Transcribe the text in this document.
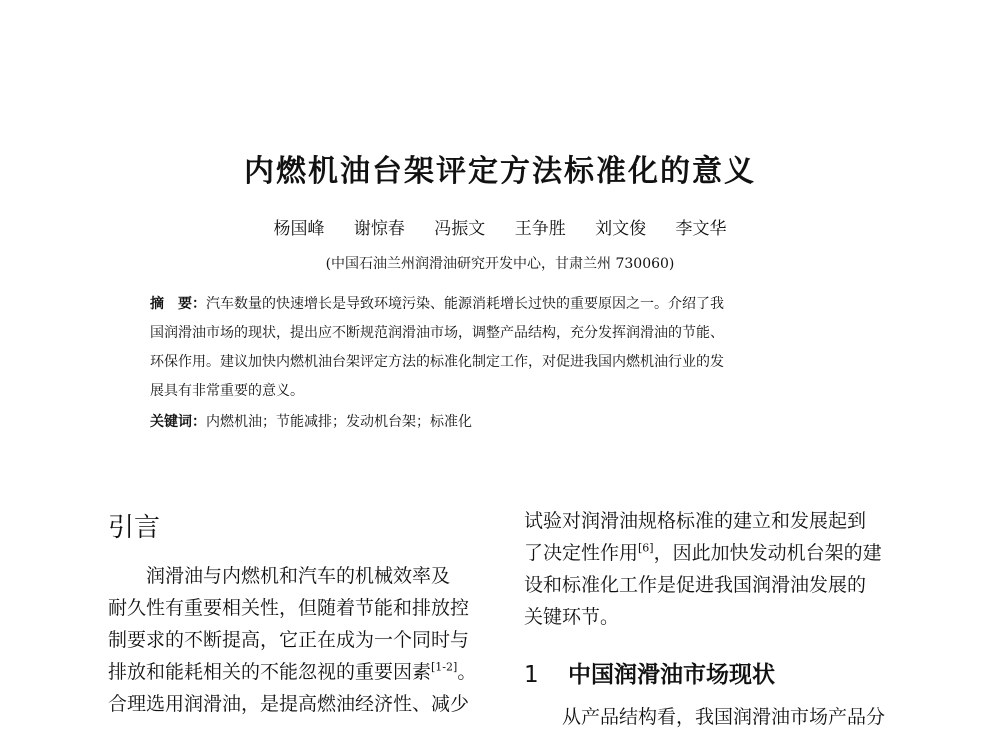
内燃机油台架评定方法标准化的意义
杨国峰 谢惊春 冯振文 王争胜 刘文俊 李文华
(中国石油兰州润滑油研究开发中心，甘肃兰州 730060)
摘　要：汽车数量的快速增长是导致环境污染、能源消耗增长过快的重要原因之一。介绍了我
国润滑油市场的现状，提出应不断规范润滑油市场，调整产品结构，充分发挥润滑油的节能、
环保作用。建议加快内燃机油台架评定方法的标准化制定工作，对促进我国内燃机油行业的发
展具有非常重要的意义。
关键词：内燃机油；节能减排；发动机台架；标准化
引言
润滑油与内燃机和汽车的机械效率及
耐久性有重要相关性，但随着节能和排放控
制要求的不断提高，它正在成为一个同时与
排放和能耗相关的不能忽视的重要因素[1-2]。
合理选用润滑油，是提高燃油经济性、减少
试验对润滑油规格标准的建立和发展起到
了决定性作用[6]，因此加快发动机台架的建
设和标准化工作是促进我国润滑油发展的
关键环节。
1 中国润滑油市场现状
从产品结构看，我国润滑油市场产品分
